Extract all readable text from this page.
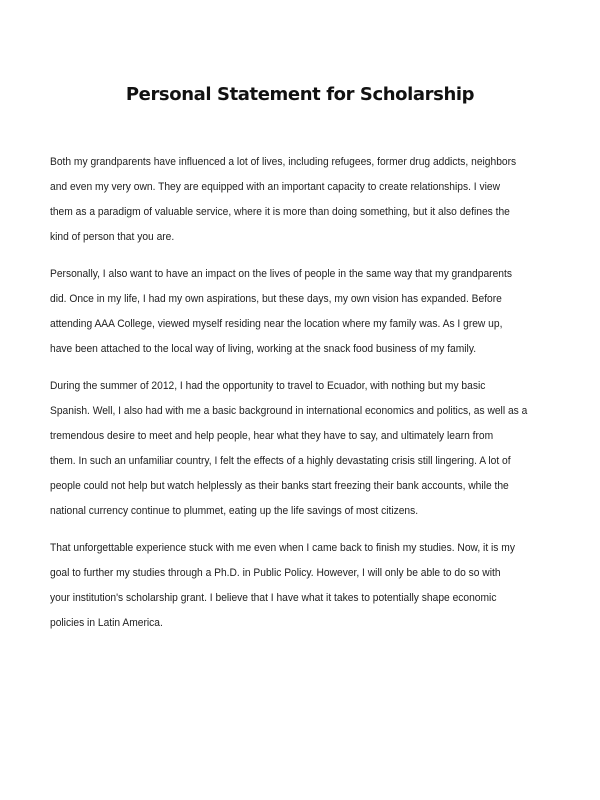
Personal Statement for Scholarship

Both my grandparents have influenced a lot of lives, including refugees, former drug addicts, neighbors
and even my very own. They are equipped with an important capacity to create relationships. I view
them as a paradigm of valuable service, where it is more than doing something, but it also defines the
kind of person that you are.

Personally, I also want to have an impact on the lives of people in the same way that my grandparents
did. Once in my life, I had my own aspirations, but these days, my own vision has expanded. Before
attending AAA College, viewed myself residing near the location where my family was. As I grew up,
have been attached to the local way of living, working at the snack food business of my family.

During the summer of 2012, I had the opportunity to travel to Ecuador, with nothing but my basic
Spanish. Well, I also had with me a basic background in international economics and politics, as well as a
tremendous desire to meet and help people, hear what they have to say, and ultimately learn from
them. In such an unfamiliar country, I felt the effects of a highly devastating crisis still lingering. A lot of
people could not help but watch helplessly as their banks start freezing their bank accounts, while the
national currency continue to plummet, eating up the life savings of most citizens.

That unforgettable experience stuck with me even when I came back to finish my studies. Now, it is my
goal to further my studies through a Ph.D. in Public Policy. However, I will only be able to do so with
your institution's scholarship grant. I believe that I have what it takes to potentially shape economic
policies in Latin America.
